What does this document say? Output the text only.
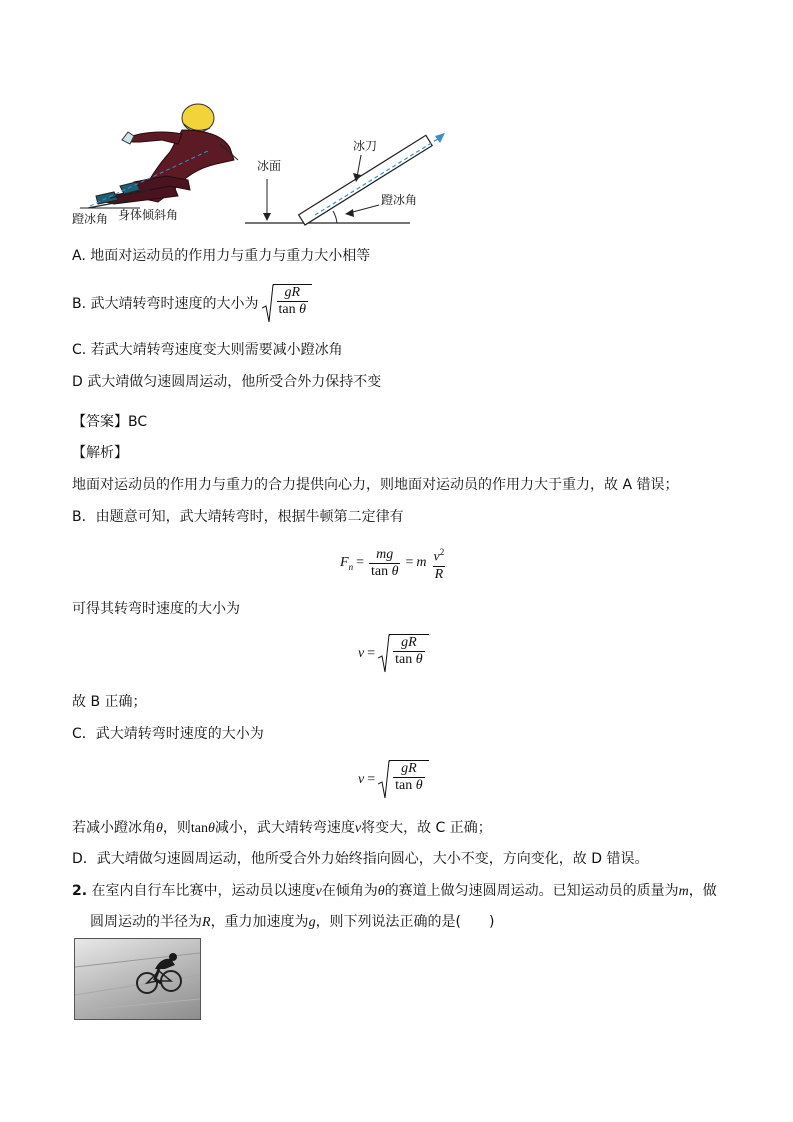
蹬冰角 身体倾斜角
冰面
冰刀
蹬冰角
A. 地面对运动员的作用力与重力与重力大小相等
B. 武大靖转弯时速度的大小为 $\frac{gR}{\text{tan θ}}$
C. 若武大靖转弯速度变大则需要减小蹬冰角
D 武大靖做匀速圆周运动，他所受合外力保持不变
【答案】BC
【解析】
地面对运动员的作用力与重力的合力提供向心力，则地面对运动员的作用力大于重力，故 A 错误；
B．由题意可知，武大靖转弯时，根据牛顿第二定律有
$F_n = \frac{mg}{\text{tan θ}} = m \frac{v^2}{R}$
可得其转弯时速度的大小为
$v = \frac{gR}{\text{tan θ}}$
故 B 正确；
C．武大靖转弯时速度的大小为
$v = \frac{gR}{\text{tan θ}}$
若减小蹬冰角θ，则tanθ减小，武大靖转弯速度v将变大，故 C 正确；
D．武大靖做匀速圆周运动，他所受合外力始终指向圆心，大小不变，方向变化，故 D 错误。
2. 在室内自行车比赛中，运动员以速度v在倾角为θ的赛道上做匀速圆周运动。已知运动员的质量为m，做
圆周运动的半径为R，重力加速度为g，则下列说法正确的是(　　)
